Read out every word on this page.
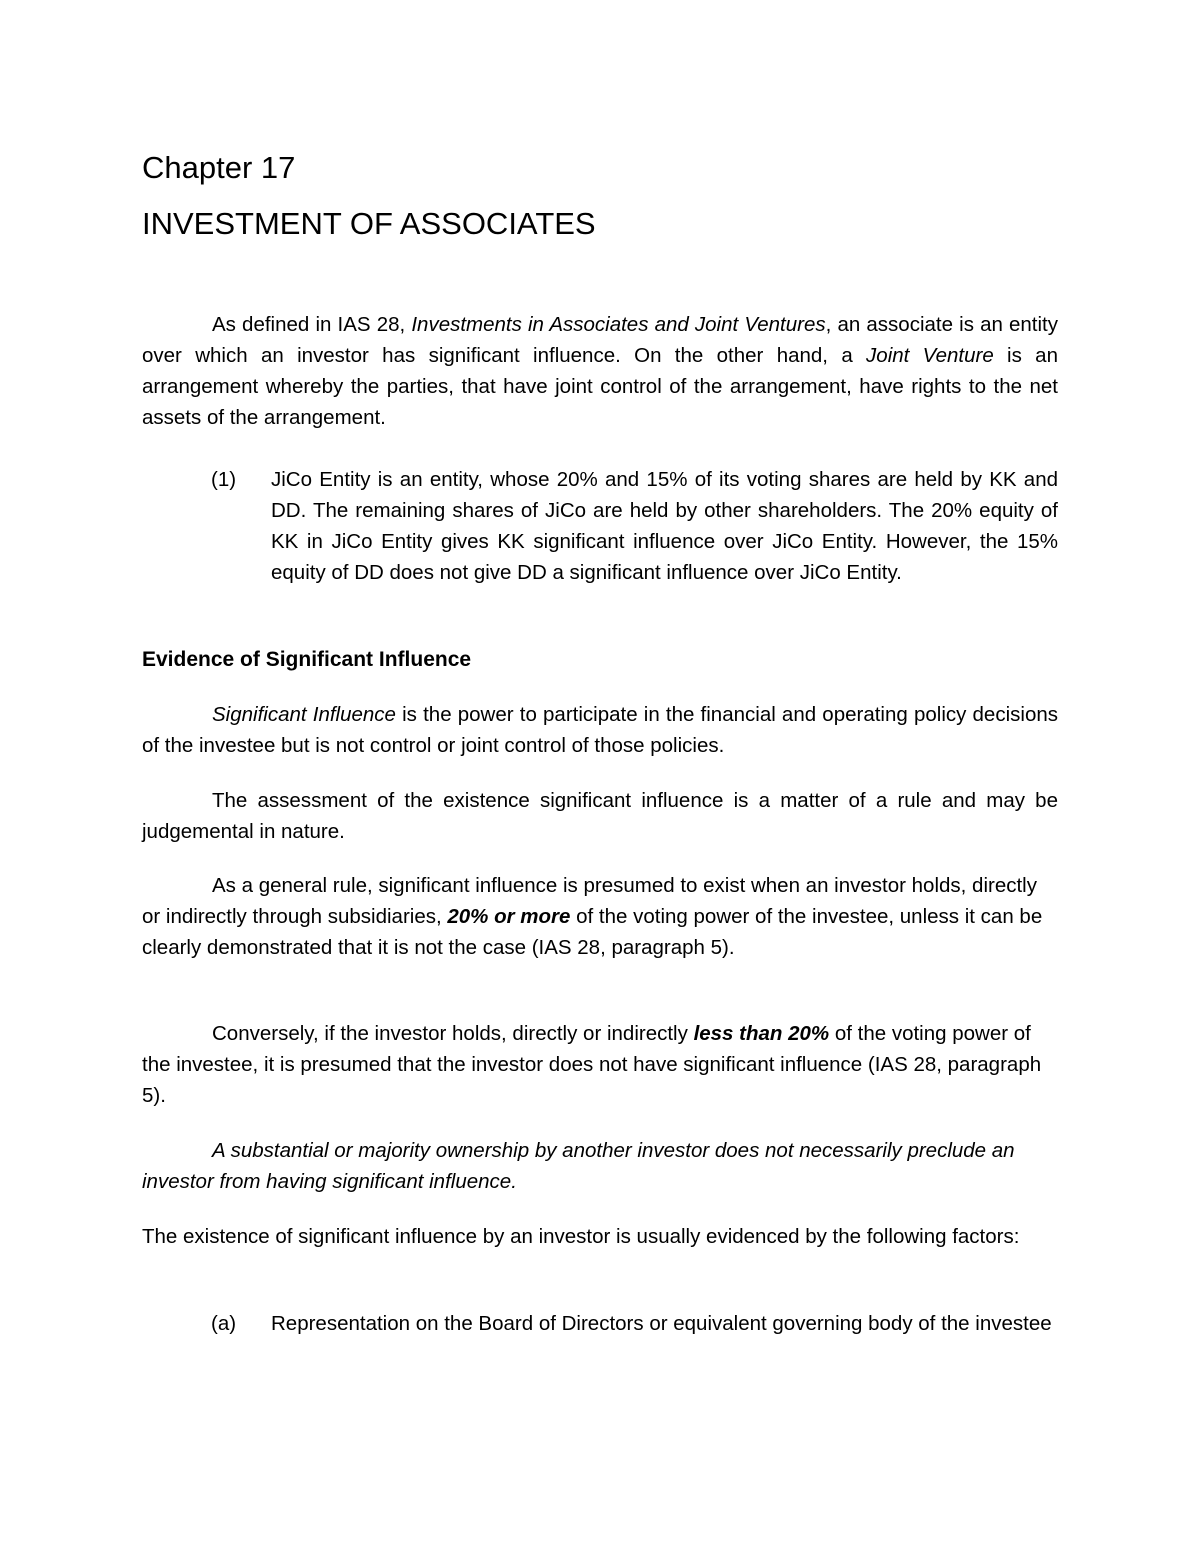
Chapter 17
INVESTMENT OF ASSOCIATES

As defined in IAS 28, Investments in Associates and Joint Ventures, an associate is an entity over which an investor has significant influence. On the other hand, a Joint Venture is an arrangement whereby the parties, that have joint control of the arrangement, have rights to the net assets of the arrangement.

(1)	JiCo Entity is an entity, whose 20% and 15% of its voting shares are held by KK and DD. The remaining shares of JiCo are held by other shareholders. The 20% equity of KK in JiCo Entity gives KK significant influence over JiCo Entity. However, the 15% equity of DD does not give DD a significant influence over JiCo Entity.
Evidence of Significant Influence

Significant Influence is the power to participate in the financial and operating policy decisions of the investee but is not control or joint control of those policies.

The assessment of the existence significant influence is a matter of a rule and may be judgemental in nature.

As a general rule, significant influence is presumed to exist when an investor holds, directly or indirectly through subsidiaries, 20% or more of the voting power of the investee, unless it can be clearly demonstrated that it is not the case (IAS 28, paragraph 5).

Conversely, if the investor holds, directly or indirectly less than 20% of the voting power of the investee, it is presumed that the investor does not have significant influence (IAS 28, paragraph 5).

A substantial or majority ownership by another investor does not necessarily preclude an investor from having significant influence.

The existence of significant influence by an investor is usually evidenced by the following factors:

(a)	Representation on the Board of Directors or equivalent governing body of the investee
